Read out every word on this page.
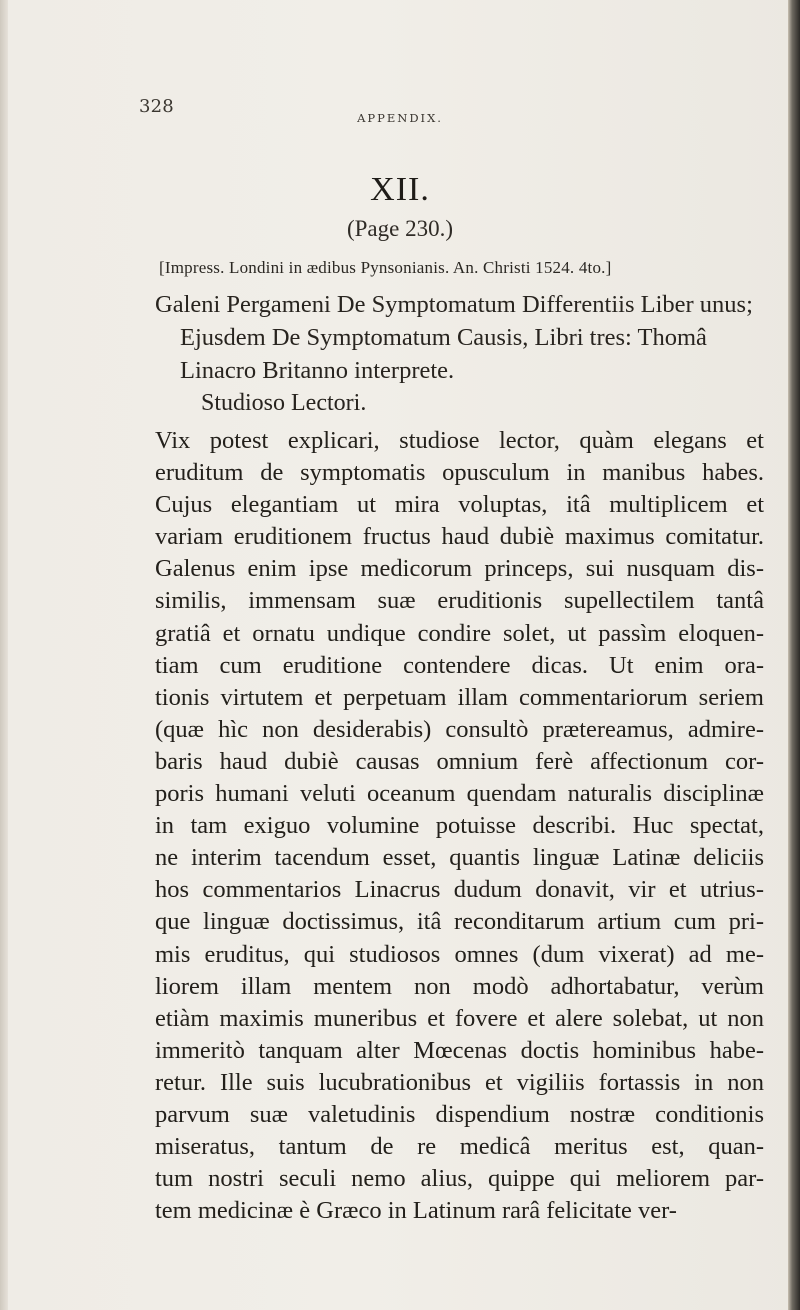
328
APPENDIX.
XII.
(Page 230.)
[Impress. Londini in ædibus Pynsonianis. An. Christi 1524. 4to.]
Galeni Pergameni De Symptomatum Differentiis Liber unus;
Ejusdem De Symptomatum Causis, Libri tres: Thomâ Linacro Britanno interprete.
Studioso Lectori.
Vix potest explicari, studiose lector, quàm elegans et
eruditum de symptomatis opusculum in manibus habes.
Cujus elegantiam ut mira voluptas, itâ multiplicem et
variam eruditionem fructus haud dubiè maximus comitatur.
Galenus enim ipse medicorum princeps, sui nusquam dis-
similis, immensam suæ eruditionis supellectilem tantâ
gratiâ et ornatu undique condire solet, ut passìm eloquen-
tiam cum eruditione contendere dicas. Ut enim ora-
tionis virtutem et perpetuam illam commentariorum seriem
(quæ hìc non desiderabis) consultò prætereamus, admire-
baris haud dubiè causas omnium ferè affectionum cor-
poris humani veluti oceanum quendam naturalis disciplinæ
in tam exiguo volumine potuisse describi. Huc spectat,
ne interim tacendum esset, quantis linguæ Latinæ deliciis
hos commentarios Linacrus dudum donavit, vir et utrius-
que linguæ doctissimus, itâ reconditarum artium cum pri-
mis eruditus, qui studiosos omnes (dum vixerat) ad me-
liorem illam mentem non modò adhortabatur, verùm
etiàm maximis muneribus et fovere et alere solebat, ut non
immeritò tanquam alter Mœcenas doctis hominibus habe-
retur. Ille suis lucubrationibus et vigiliis fortassis in non
parvum suæ valetudinis dispendium nostræ conditionis
miseratus, tantum de re medicâ meritus est, quan-
tum nostri seculi nemo alius, quippe qui meliorem par-
tem medicinæ è Græco in Latinum rarâ felicitate ver-
